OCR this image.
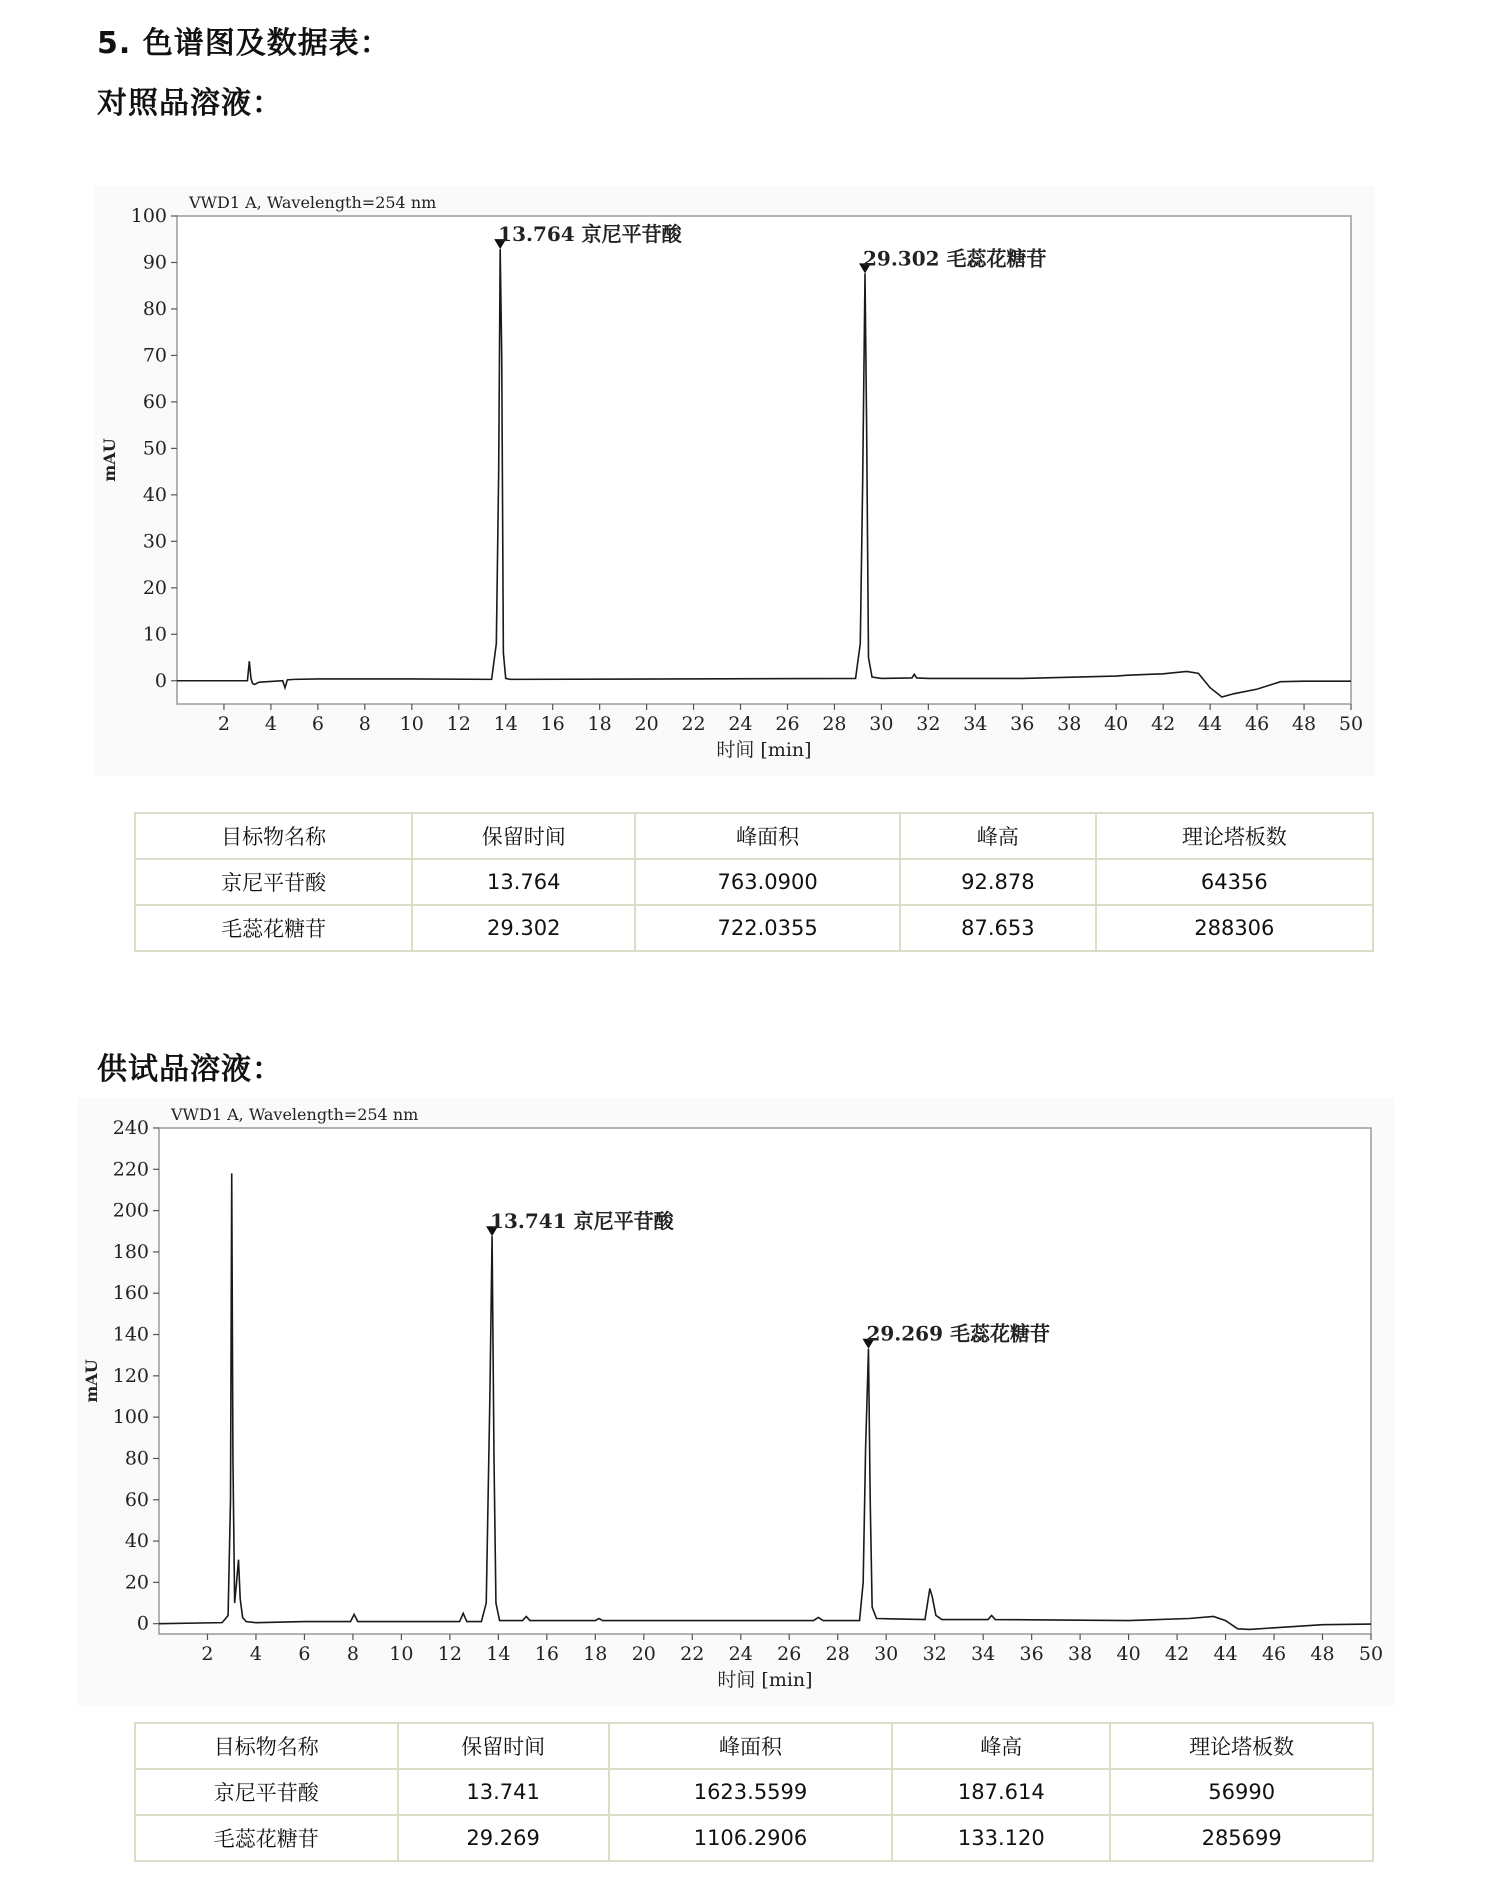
5. 色谱图及数据表：
对照品溶液：
VWD1 A, Wavelength=254 nm
0
10
20
30
40
50
60
70
80
90
100
2 4 6 8 10 12 14 16 18 20 22 24 26 28 30 32 34 36 38 40 42 44 46 48 50
时间 [min]
mAU
13.764 京尼平苷酸
29.302 毛蕊花糖苷
目标物名称	保留时间	峰面积	峰高	理论塔板数
京尼平苷酸	13.764	763.0900	92.878	64356
毛蕊花糖苷	29.302	722.0355	87.653	288306
供试品溶液：
VWD1 A, Wavelength=254 nm
0
20
40
60
80
100
120
140
160
180
200
220
240
2 4 6 8 10 12 14 16 18 20 22 24 26 28 30 32 34 36 38 40 42 44 46 48 50
时间 [min]
mAU
13.741 京尼平苷酸
29.269 毛蕊花糖苷
目标物名称	保留时间	峰面积	峰高	理论塔板数
京尼平苷酸	13.741	1623.5599	187.614	56990
毛蕊花糖苷	29.269	1106.2906	133.120	285699
